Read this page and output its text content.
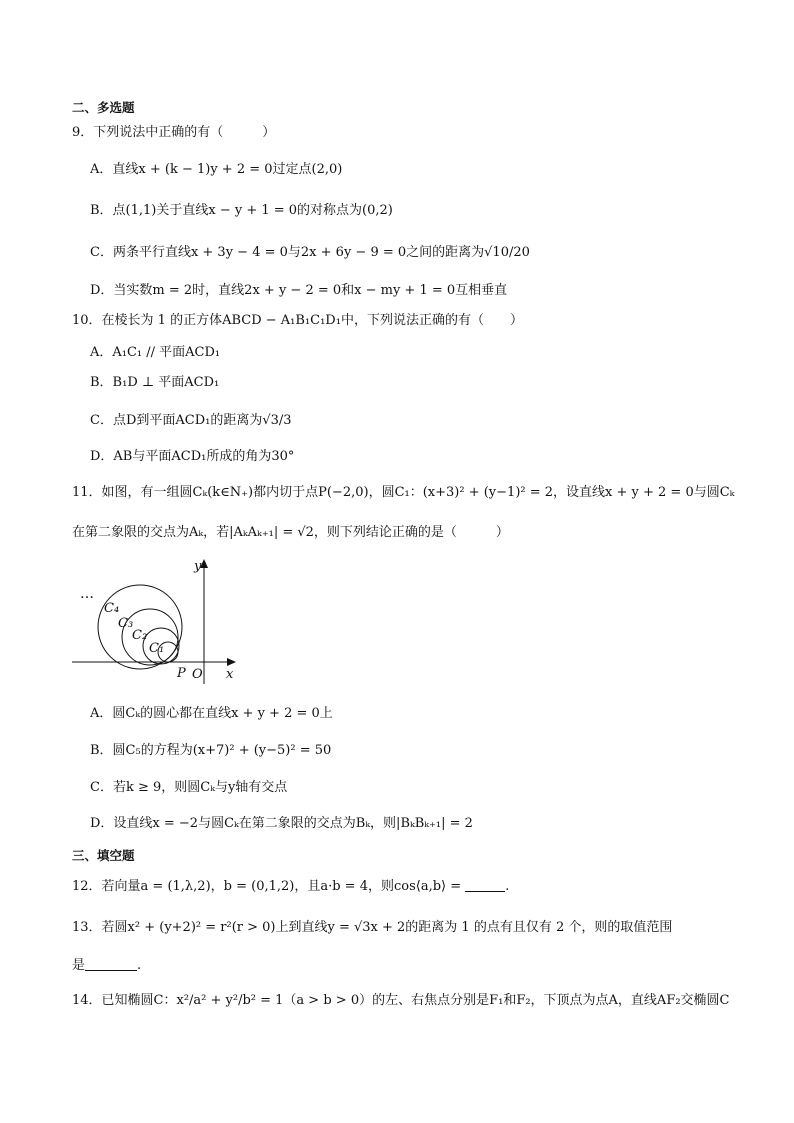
二、多选题
9．下列说法中正确的有（　　　）
A．直线x + (k − 1)y + 2 = 0过定点(2,0)
B．点(1,1)关于直线x − y + 1 = 0的对称点为(0,2)
C．两条平行直线x + 3y − 4 = 0与2x + 6y − 9 = 0之间的距离为√10/20
D．当实数m = 2时，直线2x + y − 2 = 0和x − my + 1 = 0互相垂直
10．在棱长为 1 的正方体ABCD − A₁B₁C₁D₁中，下列说法正确的有（　　）
A．A₁C₁ // 平面ACD₁
B．B₁D ⊥ 平面ACD₁
C．点D到平面ACD₁的距离为√3/3
D．AB与平面ACD₁所成的角为30°
11．如图，有一组圆Cₖ(k∈N₊)都内切于点P(−2,0)，圆C₁：(x+3)² + (y−1)² = 2，设直线x + y + 2 = 0与圆Cₖ
在第二象限的交点为Aₖ，若|AₖAₖ₊₁| = √2，则下列结论正确的是（　　　）
…
C₄
C₃
C₂
C₁
P O x
y
A．圆Cₖ的圆心都在直线x + y + 2 = 0上
B．圆C₅的方程为(x+7)² + (y−5)² = 50
C．若k ≥ 9，则圆Cₖ与y轴有交点
D．设直线x = −2与圆Cₖ在第二象限的交点为Bₖ，则|BₖBₖ₊₁| = 2
三、填空题
12．若向量a = (1,λ,2)，b = (0,1,2)，且a·b = 4，则cos⟨a,b⟩ =	.
13．若圆x² + (y+2)² = r²(r > 0)上到直线y = √3x + 2的距离为 1 的点有且仅有 2 个，则的取值范围
是	.
14．已知椭圆C：x²/a² + y²/b² = 1（a > b > 0）的左、右焦点分别是F₁和F₂，下顶点为点A，直线AF₂交椭圆C
